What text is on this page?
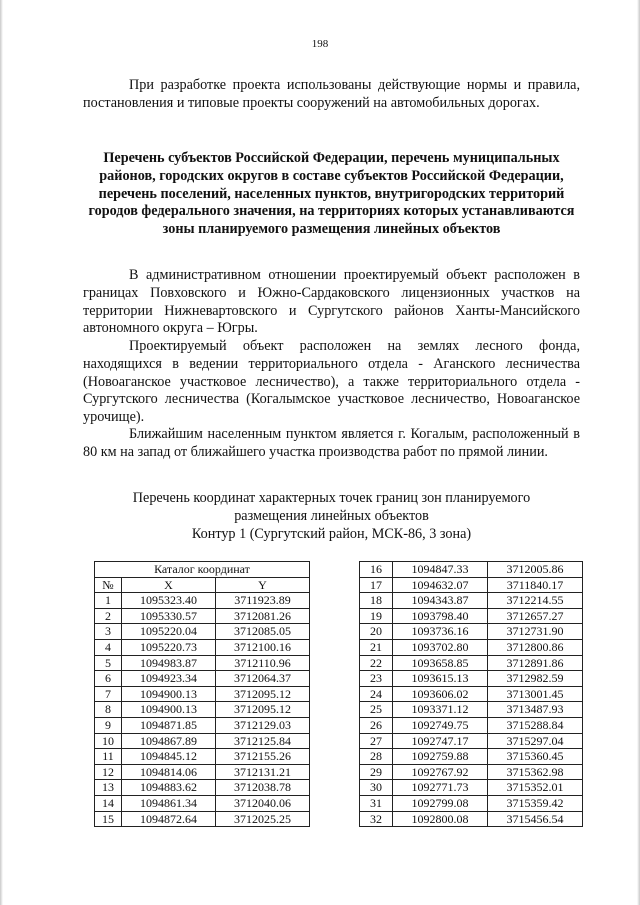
198

При разработке проекта использованы действующие нормы и правила, постановления и типовые проекты сооружений на автомобильных дорогах.

Перечень субъектов Российской Федерации, перечень муниципальных районов, городских округов в составе субъектов Российской Федерации, перечень поселений, населенных пунктов, внутригородских территорий городов федерального значения, на территориях которых устанавливаются зоны планируемого размещения линейных объектов

В административном отношении проектируемый объект расположен в границах Повховского и Южно-Сардаковского лицензионных участков на территории Нижневартовского и Сургутского районов Ханты-Мансийского автономного округа – Югры.

Проектируемый объект расположен на землях лесного фонда, находящихся в ведении территориального отдела - Аганского лесничества (Новоаганское участковое лесничество), а также территориального отдела - Сургутского лесничества (Когалымское участковое лесничество, Новоаганское урочище).

Ближайшим населенным пунктом является г. Когалым, расположенный в 80 км на запад от ближайшего участка производства работ по прямой линии.

Перечень координат характерных точек границ зон планируемого
размещения линейных объектов
Контур 1 (Сургутский район, МСК-86, 3 зона)
Каталог координат		
№	X	Y
1	1095323.40	3711923.89
2	1095330.57	3712081.26
3	1095220.04	3712085.05
4	1095220.73	3712100.16
5	1094983.87	3712110.96
6	1094923.34	3712064.37
7	1094900.13	3712095.12
8	1094900.13	3712095.12
9	1094871.85	3712129.03
10	1094867.89	3712125.84
11	1094845.12	3712155.26
12	1094814.06	3712131.21
13	1094883.62	3712038.78
14	1094861.34	3712040.06
15	1094872.64	3712025.25
16	1094847.33	3712005.86
17	1094632.07	3711840.17
18	1094343.87	3712214.55
19	1093798.40	3712657.27
20	1093736.16	3712731.90
21	1093702.80	3712800.86
22	1093658.85	3712891.86
23	1093615.13	3712982.59
24	1093606.02	3713001.45
25	1093371.12	3713487.93
26	1092749.75	3715288.84
27	1092747.17	3715297.04
28	1092759.88	3715360.45
29	1092767.92	3715362.98
30	1092771.73	3715352.01
31	1092799.08	3715359.42
32	1092800.08	3715456.54
